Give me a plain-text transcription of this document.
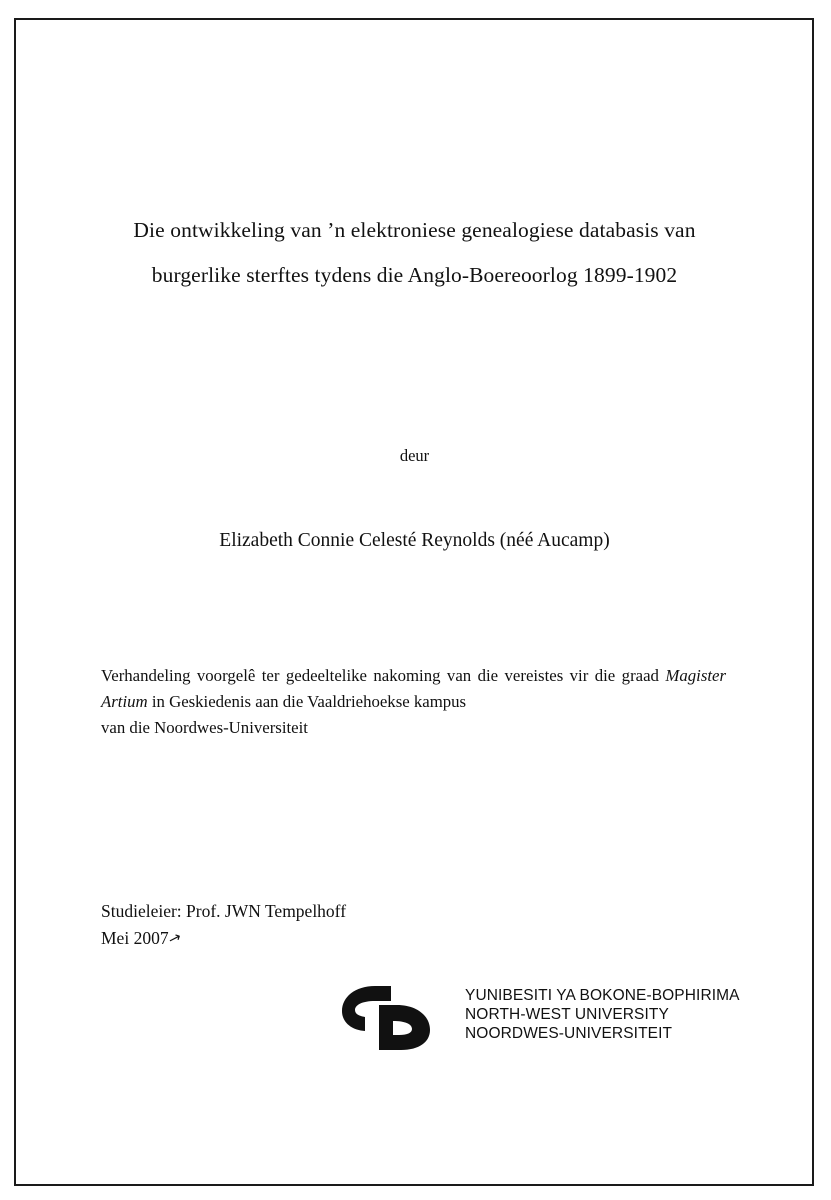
Die ontwikkeling van ’n elektroniese genealogiese databasis van
burgerlike sterftes tydens die Anglo-Boereoorlog 1899-1902
deur
Elizabeth Connie Celesté Reynolds (néé Aucamp)
Verhandeling voorgelê ter gedeeltelike nakoming van die vereistes vir die graad Magister Artium in Geskiedenis aan die Vaaldriehoekse kampus
van die Noordwes-Universiteit
Studieleier: Prof. JWN Tempelhoff
Mei 2007
↗
YUNIBESITI YA BOKONE-BOPHIRIMA
NORTH-WEST UNIVERSITY
NOORDWES-UNIVERSITEIT
